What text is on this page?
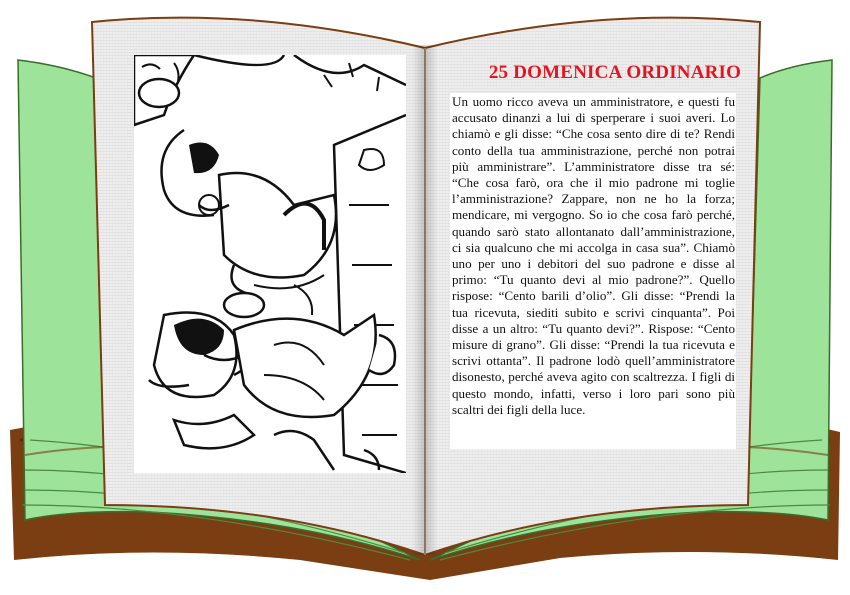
25 DOMENICA ORDINARIO

Un uomo ricco aveva un amministratore, e questi fu accusato dinanzi a lui di sperperare i suoi averi. Lo chiamò e gli disse: “Che cosa sento dire di te? Rendi conto della tua amministrazione, perché non potrai più amministrare”. L’amministratore disse tra sé: “Che cosa farò, ora che il mio padrone mi toglie l’amministrazione? Zappare, non ne ho la forza; mendicare, mi vergogno. So io che cosa farò perché, quando sarò stato allontanato dall’amministrazione, ci sia qualcuno che mi accolga in casa sua”. Chiamò uno per uno i debitori del suo padrone e disse al primo: “Tu quanto devi al mio padrone?”. Quello rispose: “Cento barili d’olio”. Gli disse: “Prendi la tua ricevuta, siediti subito e scrivi cinquanta”. Poi disse a un altro: “Tu quanto devi?”. Rispose: “Cento misure di grano”. Gli disse: “Prendi la tua ricevuta e scrivi ottanta”. Il padrone lodò quell’amministratore disonesto, perché aveva agito con scaltrezza. I figli di questo mondo, infatti, verso i loro pari sono più scaltri dei figli della luce.
